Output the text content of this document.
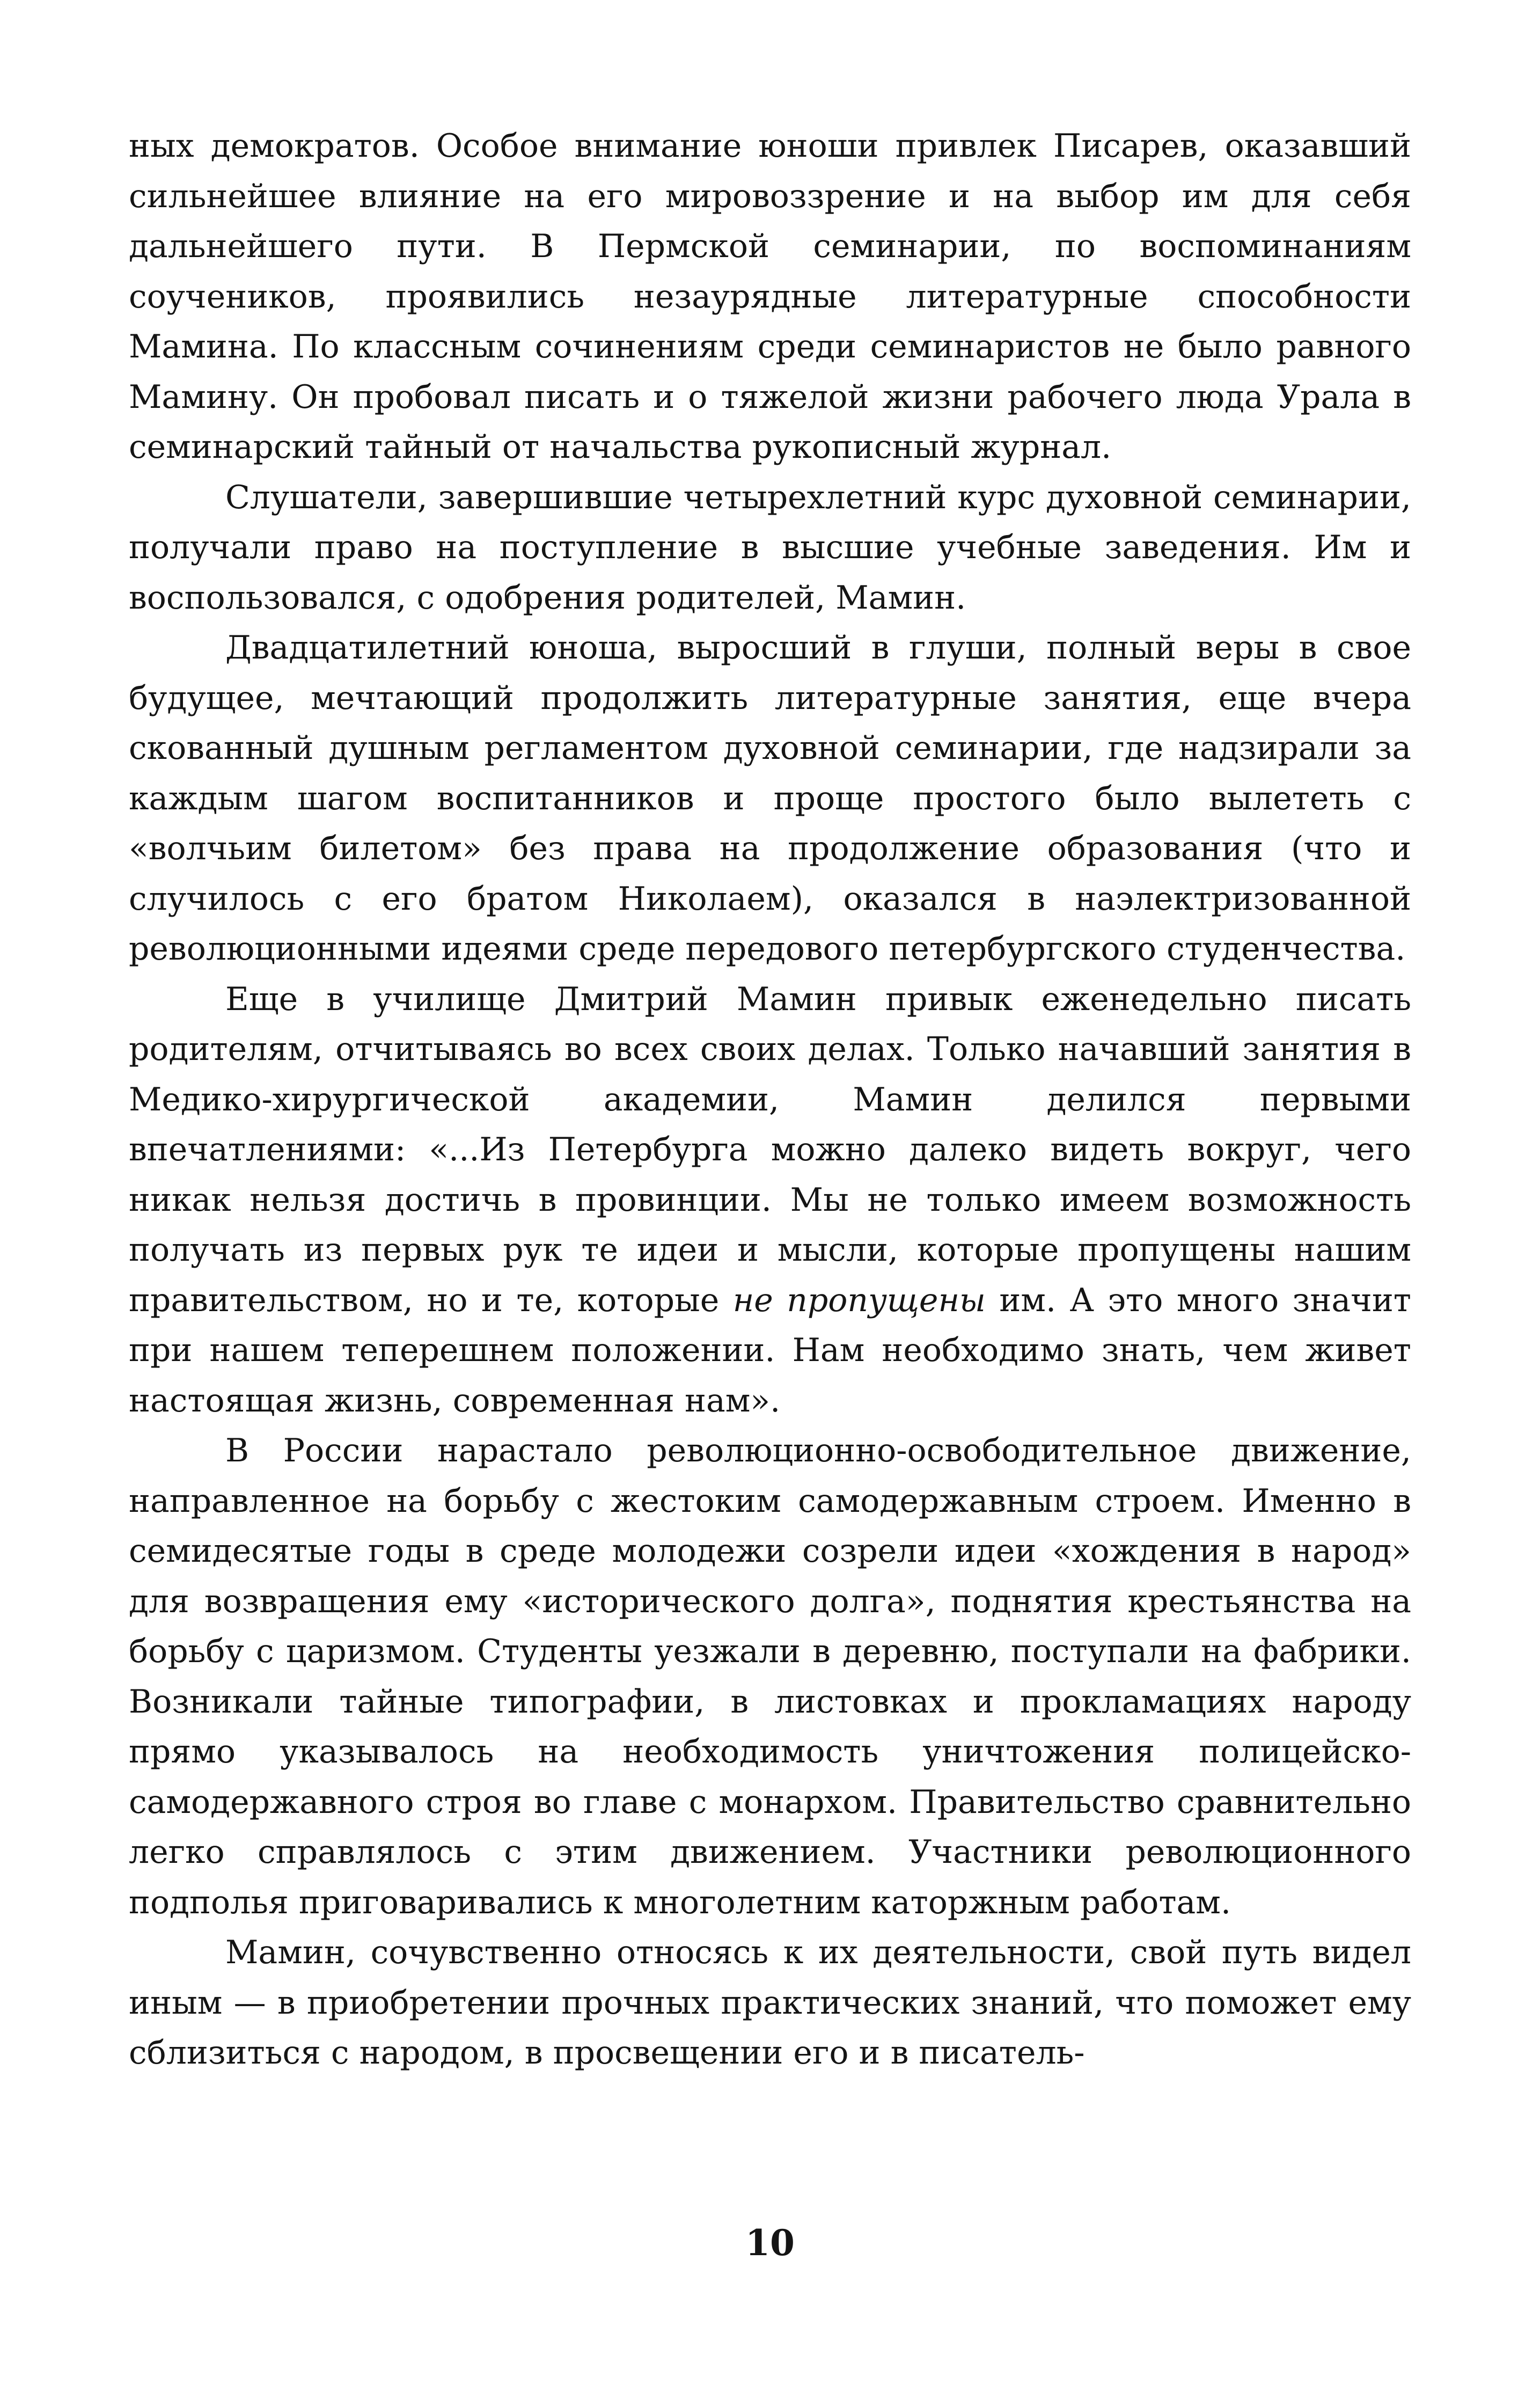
ных демократов. Особое внимание юноши привлек Писарев, оказавший сильнейшее влияние на его мировоззрение и на выбор им для себя дальнейшего пути. В Пермской семинарии, по воспоминаниям соучеников, проявились незаурядные литературные способности Мамина. По классным сочинениям среди семинаристов не было равного Мамину. Он пробовал писать и о тяжелой жизни рабочего люда Урала в семинарский тайный от начальства рукописный журнал.

Слушатели, завершившие четырехлетний курс духовной семинарии, получали право на поступление в высшие учебные заведения. Им и воспользовался, с одобрения родителей, Мамин.

Двадцатилетний юноша, выросший в глуши, полный веры в свое будущее, мечтающий продолжить литературные занятия, еще вчера скованный душным регламентом духовной семинарии, где надзирали за каждым шагом воспитанников и проще простого было вылететь с «волчьим билетом» без права на продолжение образования (что и случилось с его братом Николаем), оказался в наэлектризованной революционными идеями среде передового петербургского студенчества.

Еще в училище Дмитрий Мамин привык еженедельно писать родителям, отчитываясь во всех своих делах. Только начавший занятия в Медико-хирургической академии, Мамин делился первыми впечатлениями: «...Из Петербурга можно далеко видеть вокруг, чего никак нельзя достичь в провинции. Мы не только имеем возможность получать из первых рук те идеи и мысли, которые пропущены нашим правительством, но и те, которые не пропущены им. А это много значит при нашем теперешнем положении. Нам необходимо знать, чем живет настоящая жизнь, современная нам».

В России нарастало революционно-освободительное движение, направленное на борьбу с жестоким самодержавным строем. Именно в семидесятые годы в среде молодежи созрели идеи «хождения в народ» для возвращения ему «исторического долга», поднятия крестьянства на борьбу с царизмом. Студенты уезжали в деревню, поступали на фабрики. Возникали тайные типографии, в листовках и прокламациях народу прямо указывалось на необходимость уничтожения полицейско-самодержавного строя во главе с монархом. Правительство сравнительно легко справлялось с этим движением. Участники революционного подполья приговаривались к многолетним каторжным работам.

Мамин, сочувственно относясь к их деятельности, свой путь видел иным — в приобретении прочных практических знаний, что поможет ему сблизиться с народом, в просвещении его и в писатель-

10
